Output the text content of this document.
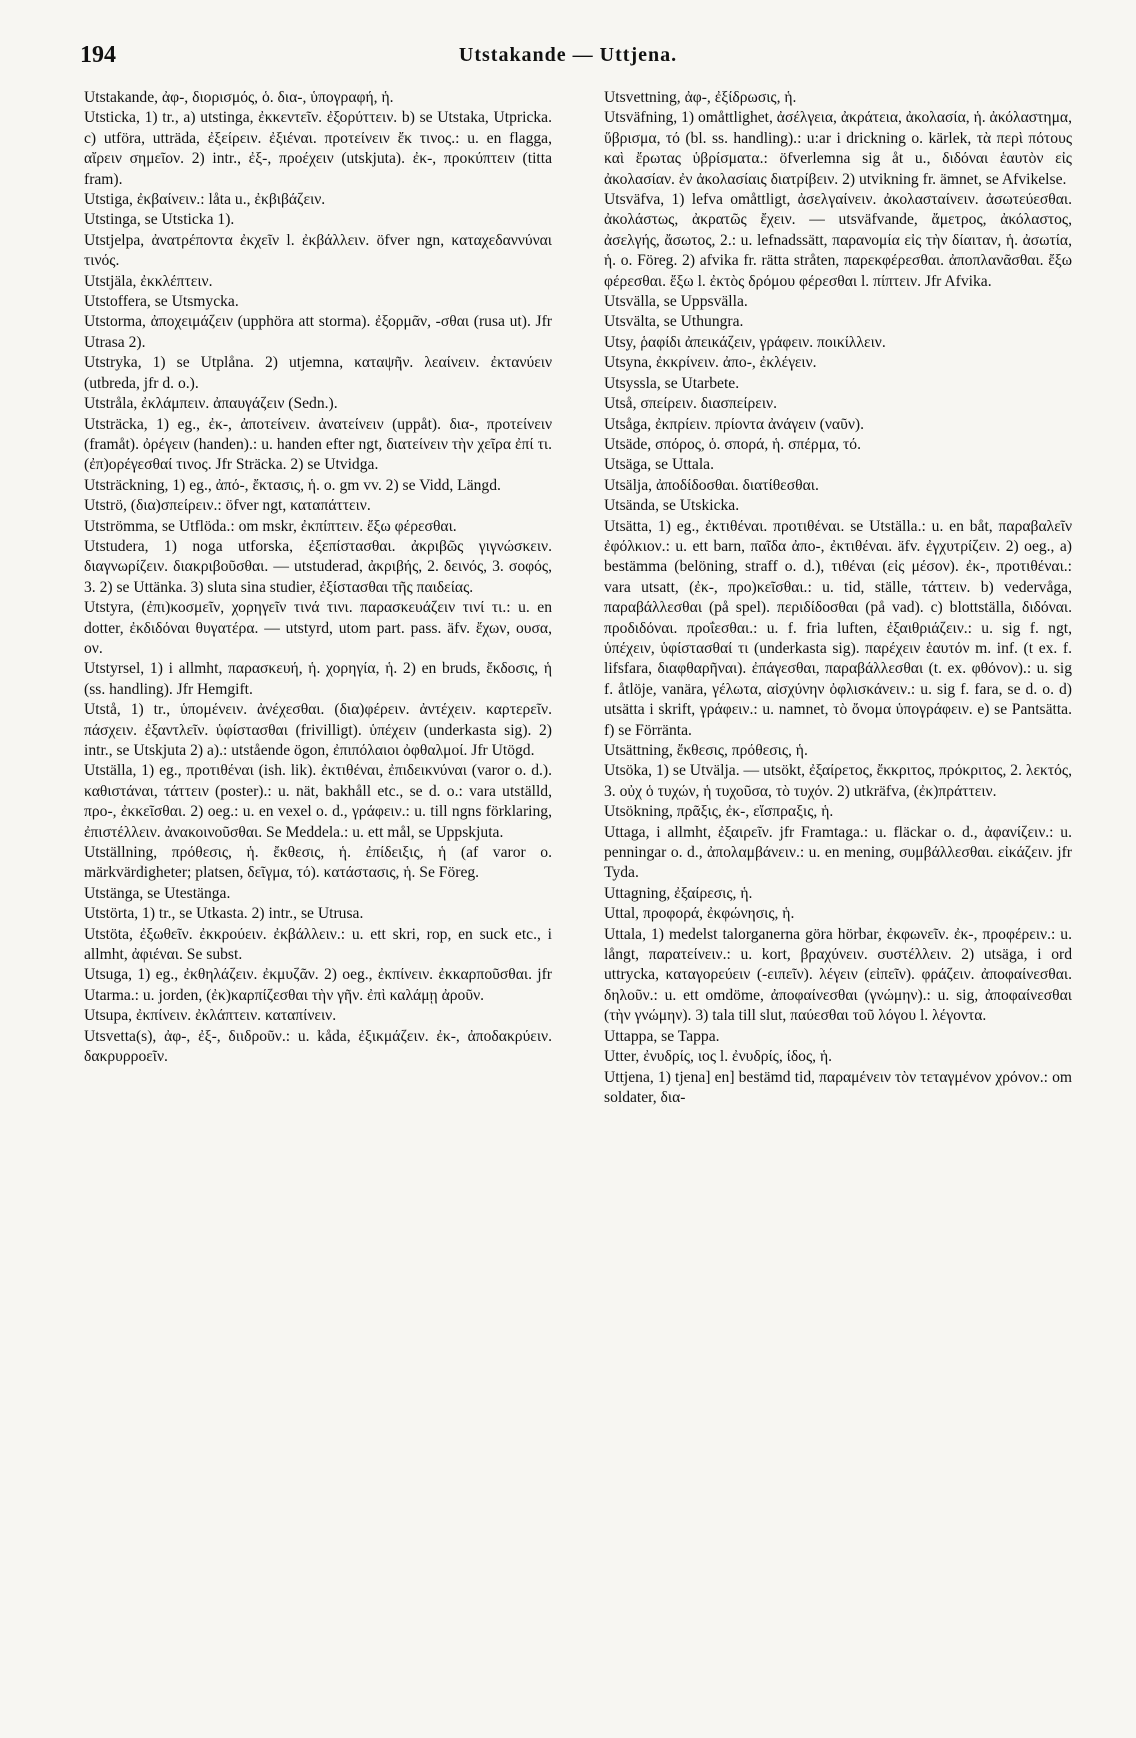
194	Utstakande — Uttjena.

Utstakande, ἀφ-, διορισμός, ὁ. δια-, ὑπογραφή, ἡ.

Utsticka, 1) tr., a) utstinga, ἐκκεντεῖν. ἐξορύττειν. b) se Utstaka, Utpricka. c) utföra, utträda, ἐξείρειν. ἐξιέναι. προτείνειν ἔκ τινος.: u. en flagga, αἴρειν σημεῖον. 2) intr., ἐξ-, προέχειν (utskjuta). ἐκ-, προκύπτειν (titta fram).

Utstiga, ἐκβαίνειν.: låta u., ἐκβιβάζειν.

Utstinga, se Utsticka 1).

Utstjelpa, ἀνατρέποντα ἐκχεῖν l. ἐκβάλλειν. öfver ngn, καταχεδαννύναι τινός.

Utstjäla, ἐκκλέπτειν.

Utstoffera, se Utsmycka.

Utstorma, ἀποχειμάζειν (upphöra att storma). ἐξορμᾶν, -σθαι (rusa ut). Jfr Utrasa 2).

Utstryka, 1) se Utplåna. 2) utjemna, καταψῆν. λεαίνειν. ἐκτανύειν (utbreda, jfr d. o.).

Utstråla, ἐκλάμπειν. ἀπαυγάζειν (Sedn.).

Utsträcka, 1) eg., ἐκ-, ἀποτείνειν. ἀνατείνειν (uppåt). δια-, προτείνειν (framåt). ὀρέγειν (handen).: u. handen efter ngt, διατείνειν τὴν χεῖρα ἐπί τι. (ἐπ)ορέγεσθαί τινος. Jfr Sträcka. 2) se Utvidga.

Utsträckning, 1) eg., ἀπό-, ἔκτασις, ἡ. o. gm vv. 2) se Vidd, Längd.

Utströ, (δια)σπείρειν.: öfver ngt, καταπάττειν.

Utströmma, se Utflöda.: om mskr, ἐκπίπτειν. ἔξω φέρεσθαι.

Utstudera, 1) noga utforska, ἐξεπίστασθαι. ἀκριβῶς γιγνώσκειν. διαγνωρίζειν. διακριβοῦσθαι. — utstuderad, ἀκριβής, 2. δεινός, 3. σοφός, 3. 2) se Uttänka. 3) sluta sina studier, ἐξίστασθαι τῆς παιδείας.

Utstyra, (ἐπι)κοσμεῖν, χορηγεῖν τινά τινι. παρασκευάζειν τινί τι.: u. en dotter, ἐκδιδόναι θυγατέρα. — utstyrd, utom part. pass. äfv. ἔχων, ουσα, ον.

Utstyrsel, 1) i allmht, παρασκευή, ἡ. χορηγία, ἡ. 2) en bruds, ἔκδοσις, ἡ (ss. handling). Jfr Hemgift.

Utstå, 1) tr., ὑπομένειν. ἀνέχεσθαι. (δια)φέρειν. ἀντέχειν. καρτερεῖν. πάσχειν. ἐξαντλεῖν. ὑφίστασθαι (frivilligt). ὑπέχειν (underkasta sig). 2) intr., se Utskjuta 2) a).: utstående ögon, ἐπιπόλαιοι ὀφθαλμοί. Jfr Utögd.

Utställa, 1) eg., προτιθέναι (ish. lik). ἐκτιθέναι, ἐπιδεικνύναι (varor o. d.). καθιστάναι, τάττειν (poster).: u. nät, bakhåll etc., se d. o.: vara utställd, προ-, ἐκκεῖσθαι. 2) oeg.: u. en vexel o. d., γράφειν.: u. till ngns förklaring, ἐπιστέλλειν. ἀνακοινοῦσθαι. Se Meddela.: u. ett mål, se Uppskjuta.

Utställning, πρόθεσις, ἡ. ἔκθεσις, ἡ. ἐπίδειξις, ἡ (af varor o. märkvärdigheter; platsen, δεῖγμα, τό). κατάστασις, ἡ. Se Föreg.

Utstänga, se Utestänga.

Utstörta, 1) tr., se Utkasta. 2) intr., se Utrusa.

Utstöta, ἐξωθεῖν. ἐκκρούειν. ἐκβάλλειν.: u. ett skri, rop, en suck etc., i allmht, ἀφιέναι. Se subst.

Utsuga, 1) eg., ἐκθηλάζειν. ἐκμυζᾶν. 2) oeg., ἐκπίνειν. ἐκκαρποῦσθαι. jfr Utarma.: u. jorden, (ἐκ)καρπίζεσθαι τὴν γῆν. ἐπὶ καλάμῃ ἀροῦν.

Utsupa, ἐκπίνειν. ἐκλάπτειν. καταπίνειν.

Utsvetta(s), ἀφ-, ἐξ-, διιδροῦν.: u. kåda, ἐξικμάζειν. ἐκ-, ἀποδακρύειν. δακρυρροεῖν.

Utsvettning, ἀφ-, ἐξίδρωσις, ἡ.

Utsväfning, 1) omåttlighet, ἀσέλγεια, ἀκράτεια, ἀκολασία, ἡ. ἀκόλαστημα, ὕβρισμα, τό (bl. ss. handling).: u:ar i drickning o. kärlek, τὰ περὶ πότους καὶ ἔρωτας ὑβρίσματα.: öfverlemna sig åt u., διδόναι ἑαυτὸν εἰς ἀκολασίαν. ἐν ἀκολασίαις διατρίβειν. 2) utvikning fr. ämnet, se Afvikelse.

Utsväfva, 1) lefva omåttligt, ἀσελγαίνειν. ἀκολασταίνειν. ἀσωτεύεσθαι. ἀκολάστως, ἀκρατῶς ἔχειν. — utsväfvande, ἄμετρος, ἀκόλαστος, ἀσελγής, ἄσωτος, 2.: u. lefnadssätt, παρανομία εἰς τὴν δίαιταν, ἡ. ἀσωτία, ἡ. o. Föreg. 2) afvika fr. rätta stråten, παρεκφέρεσθαι. ἀποπλανᾶσθαι. ἔξω φέρεσθαι. ἔξω l. ἐκτὸς δρόμου φέρεσθαι l. πίπτειν. Jfr Afvika.

Utsvälla, se Uppsvälla.

Utsvälta, se Uthungra.

Utsy, ῥαφίδι ἀπεικάζειν, γράφειν. ποικίλλειν.

Utsyna, ἐκκρίνειν. ἀπο-, ἐκλέγειν.

Utsyssla, se Utarbete.

Utså, σπείρειν. διασπείρειν.

Utsåga, ἐκπρίειν. πρίοντα ἀνάγειν (ναῦν).

Utsäde, σπόρος, ὁ. σπορά, ἡ. σπέρμα, τό.

Utsäga, se Uttala.

Utsälja, ἀποδίδοσθαι. διατίθεσθαι.

Utsända, se Utskicka.

Utsätta, 1) eg., ἐκτιθέναι. προτιθέναι. se Utställa.: u. en båt, παραβαλεῖν ἐφόλκιον.: u. ett barn, παῖδα ἀπο-, ἐκτιθέναι. äfv. ἐγχυτρίζειν. 2) oeg., a) bestämma (belöning, straff o. d.), τιθέναι (εἰς μέσον). ἐκ-, προτιθέναι.: vara utsatt, (ἐκ-, προ)κεῖσθαι.: u. tid, ställe, τάττειν. b) vedervåga, παραβάλλεσθαι (på spel). περιδίδοσθαι (på vad). c) blottställa, διδόναι. προδιδόναι. προΐεσθαι.: u. f. fria luften, ἐξαιθριάζειν.: u. sig f. ngt, ὑπέχειν, ὑφίστασθαί τι (underkasta sig). παρέχειν ἑαυτόν m. inf. (t ex. f. lifsfara, διαφθαρῆναι). ἐπάγεσθαι, παραβάλλεσθαι (t. ex. φθόνον).: u. sig f. åtlöje, vanära, γέλωτα, αἰσχύνην ὀφλισκάνειν.: u. sig f. fara, se d. o. d) utsätta i skrift, γράφειν.: u. namnet, τὸ ὄνομα ὑπογράφειν. e) se Pantsätta. f) se Förränta.

Utsättning, ἔκθεσις, πρόθεσις, ἡ.

Utsöka, 1) se Utvälja. — utsökt, ἐξαίρετος, ἔκκριτος, πρόκριτος, 2. λεκτός, 3. οὐχ ὁ τυχών, ἡ τυχοῦσα, τὸ τυχόν. 2) utkräfva, (ἐκ)πράττειν.

Utsökning, πρᾶξις, ἐκ-, εἴσπραξις, ἡ.

Uttaga, i allmht, ἐξαιρεῖν. jfr Framtaga.: u. fläckar o. d., ἀφανίζειν.: u. penningar o. d., ἀπολαμβάνειν.: u. en mening, συμβάλλεσθαι. εἰκάζειν. jfr Tyda.

Uttagning, ἐξαίρεσις, ἡ.

Uttal, προφορά, ἐκφώνησις, ἡ.

Uttala, 1) medelst talorganerna göra hörbar, ἐκφωνεῖν. ἐκ-, προφέρειν.: u. långt, παρατείνειν.: u. kort, βραχύνειν. συστέλλειν. 2) utsäga, i ord uttrycka, καταγορεύειν (-ειπεῖν). λέγειν (εἰπεῖν). φράζειν. ἀποφαίνεσθαι. δηλοῦν.: u. ett omdöme, ἀποφαίνεσθαι (γνώμην).: u. sig, ἀποφαίνεσθαι (τὴν γνώμην). 3) tala till slut, παύεσθαι τοῦ λόγου l. λέγοντα.

Uttappa, se Tappa.

Utter, ἐνυδρίς, ιος l. ἐνυδρίς, ίδος, ἡ.

Uttjena, 1) tjena] en] bestämd tid, παραμένειν τὸν τεταγμένον χρόνον.: om soldater, δια-
